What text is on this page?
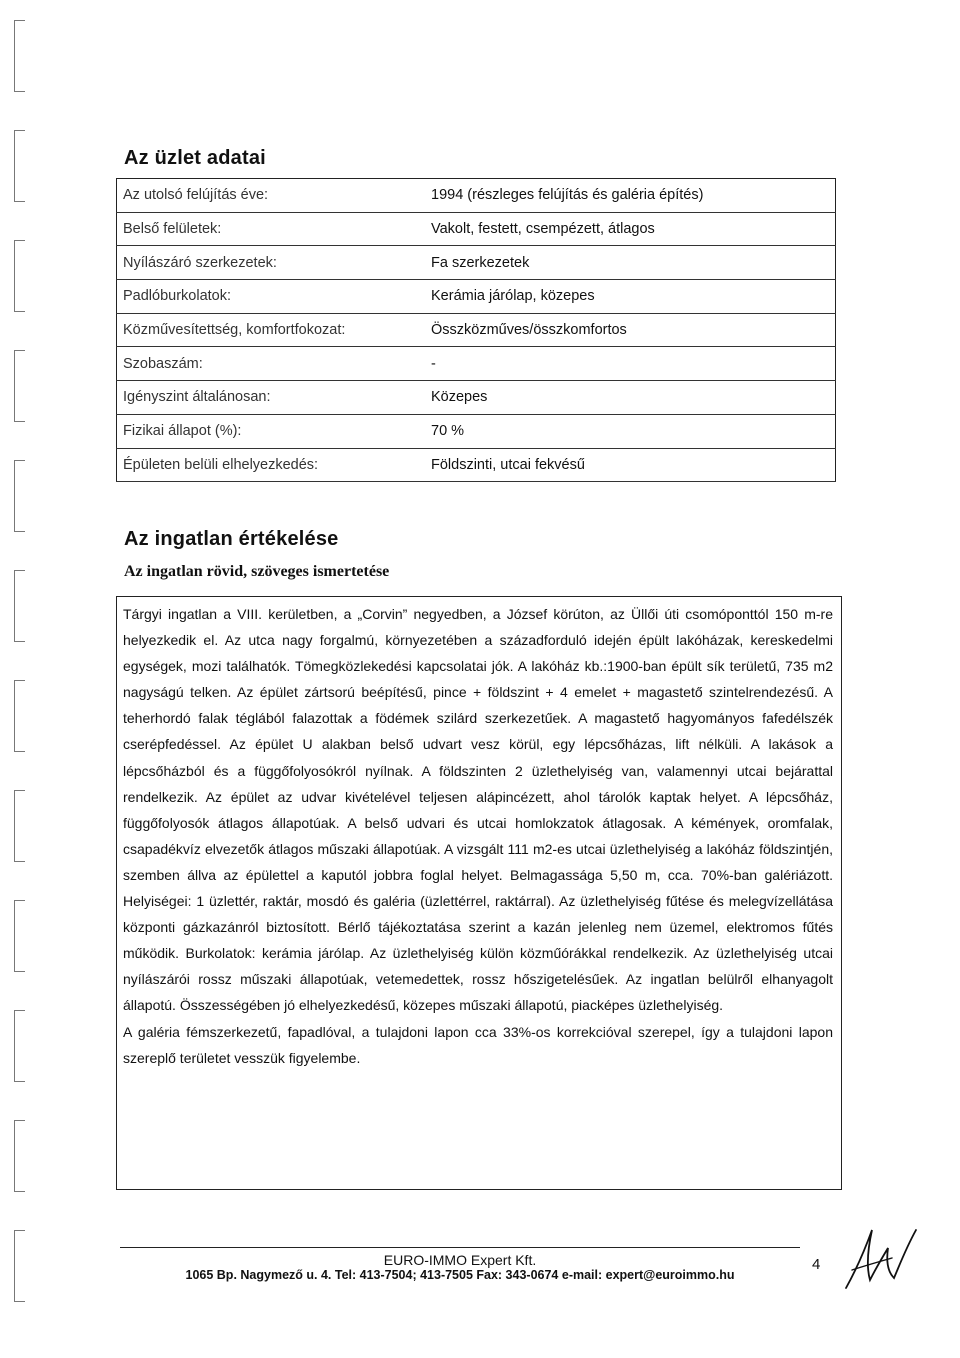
Az üzlet adatai
Az utolsó felújítás éve:	1994 (részleges felújítás és galéria építés)
Belső felületek:	Vakolt, festett, csempézett, átlagos
Nyílászáró szerkezetek:	Fa szerkezetek
Padlóburkolatok:	Kerámia járólap, közepes
Közművesítettség, komfortfokozat:	Összközműves/összkomfortos
Szobaszám:	-
Igényszint általánosan:	Közepes
Fizikai állapot (%):	70 %
Épületen belüli elhelyezkedés:	Földszinti, utcai fekvésű
Az ingatlan értékelése
Az ingatlan rövid, szöveges ismertetése

Tárgyi ingatlan a VIII. kerületben, a „Corvin” negyedben, a József körúton, az Üllői úti csomóponttól 150 m-re helyezkedik el. Az utca nagy forgalmú, környezetében a századforduló idején épült lakóházak, kereskedelmi egységek, mozi találhatók. Tömegközlekedési kapcsolatai jók. A lakóház kb.:1900-ban épült sík területű, 735 m2 nagyságú telken. Az épület zártsorú beépítésű, pince + földszint + 4 emelet + magastető szintelrendezésű. A teherhordó falak téglából falazottak a födémek szilárd szerkezetűek. A magastető hagyományos fafedélszék cserépfedéssel. Az épület U alakban belső udvart vesz körül, egy lépcsőházas, lift nélküli. A lakások a lépcsőházból és a függőfolyosókról nyílnak. A földszinten 2 üzlethelyiség van, valamennyi utcai bejárattal rendelkezik. Az épület az udvar kivételével teljesen alápincézett, ahol tárolók kaptak helyet. A lépcsőház, függőfolyosók átlagos állapotúak. A belső udvari és utcai homlokzatok átlagosak. A kémények, oromfalak, csapadékvíz elvezetők átlagos műszaki állapotúak. A vizsgált 111 m2-es utcai üzlethelyiség a lakóház földszintjén, szemben állva az épülettel a kaputól jobbra foglal helyet. Belmagassága 5,50 m, cca. 70%-ban galériázott. Helyiségei: 1 üzlettér, raktár, mosdó és galéria (üzlettérrel, raktárral). Az üzlethelyiség fűtése és melegvízellátása központi gázkazánról biztosított. Bérlő tájékoztatása szerint a kazán jelenleg nem üzemel, elektromos fűtés működik. Burkolatok: kerámia járólap. Az üzlethelyiség külön közműórákkal rendelkezik. Az üzlethelyiség utcai nyílászárói rossz műszaki állapotúak, vetemedettek, rossz hőszigetelésűek. Az ingatlan belülről elhanyagolt állapotú. Összességében jó elhelyezkedésű, közepes műszaki állapotú, piacképes üzlethelyiség.

A galéria fémszerkezetű, fapadlóval, a tulajdoni lapon cca 33%-os korrekcióval szerepel, így a tulajdoni lapon szereplő területet vesszük figyelembe.

EURO-IMMO Expert Kft.
1065 Bp. Nagymező u. 4. Tel: 413-7504; 413-7505 Fax: 343-0674 e-mail: expert@euroimmo.hu
4
